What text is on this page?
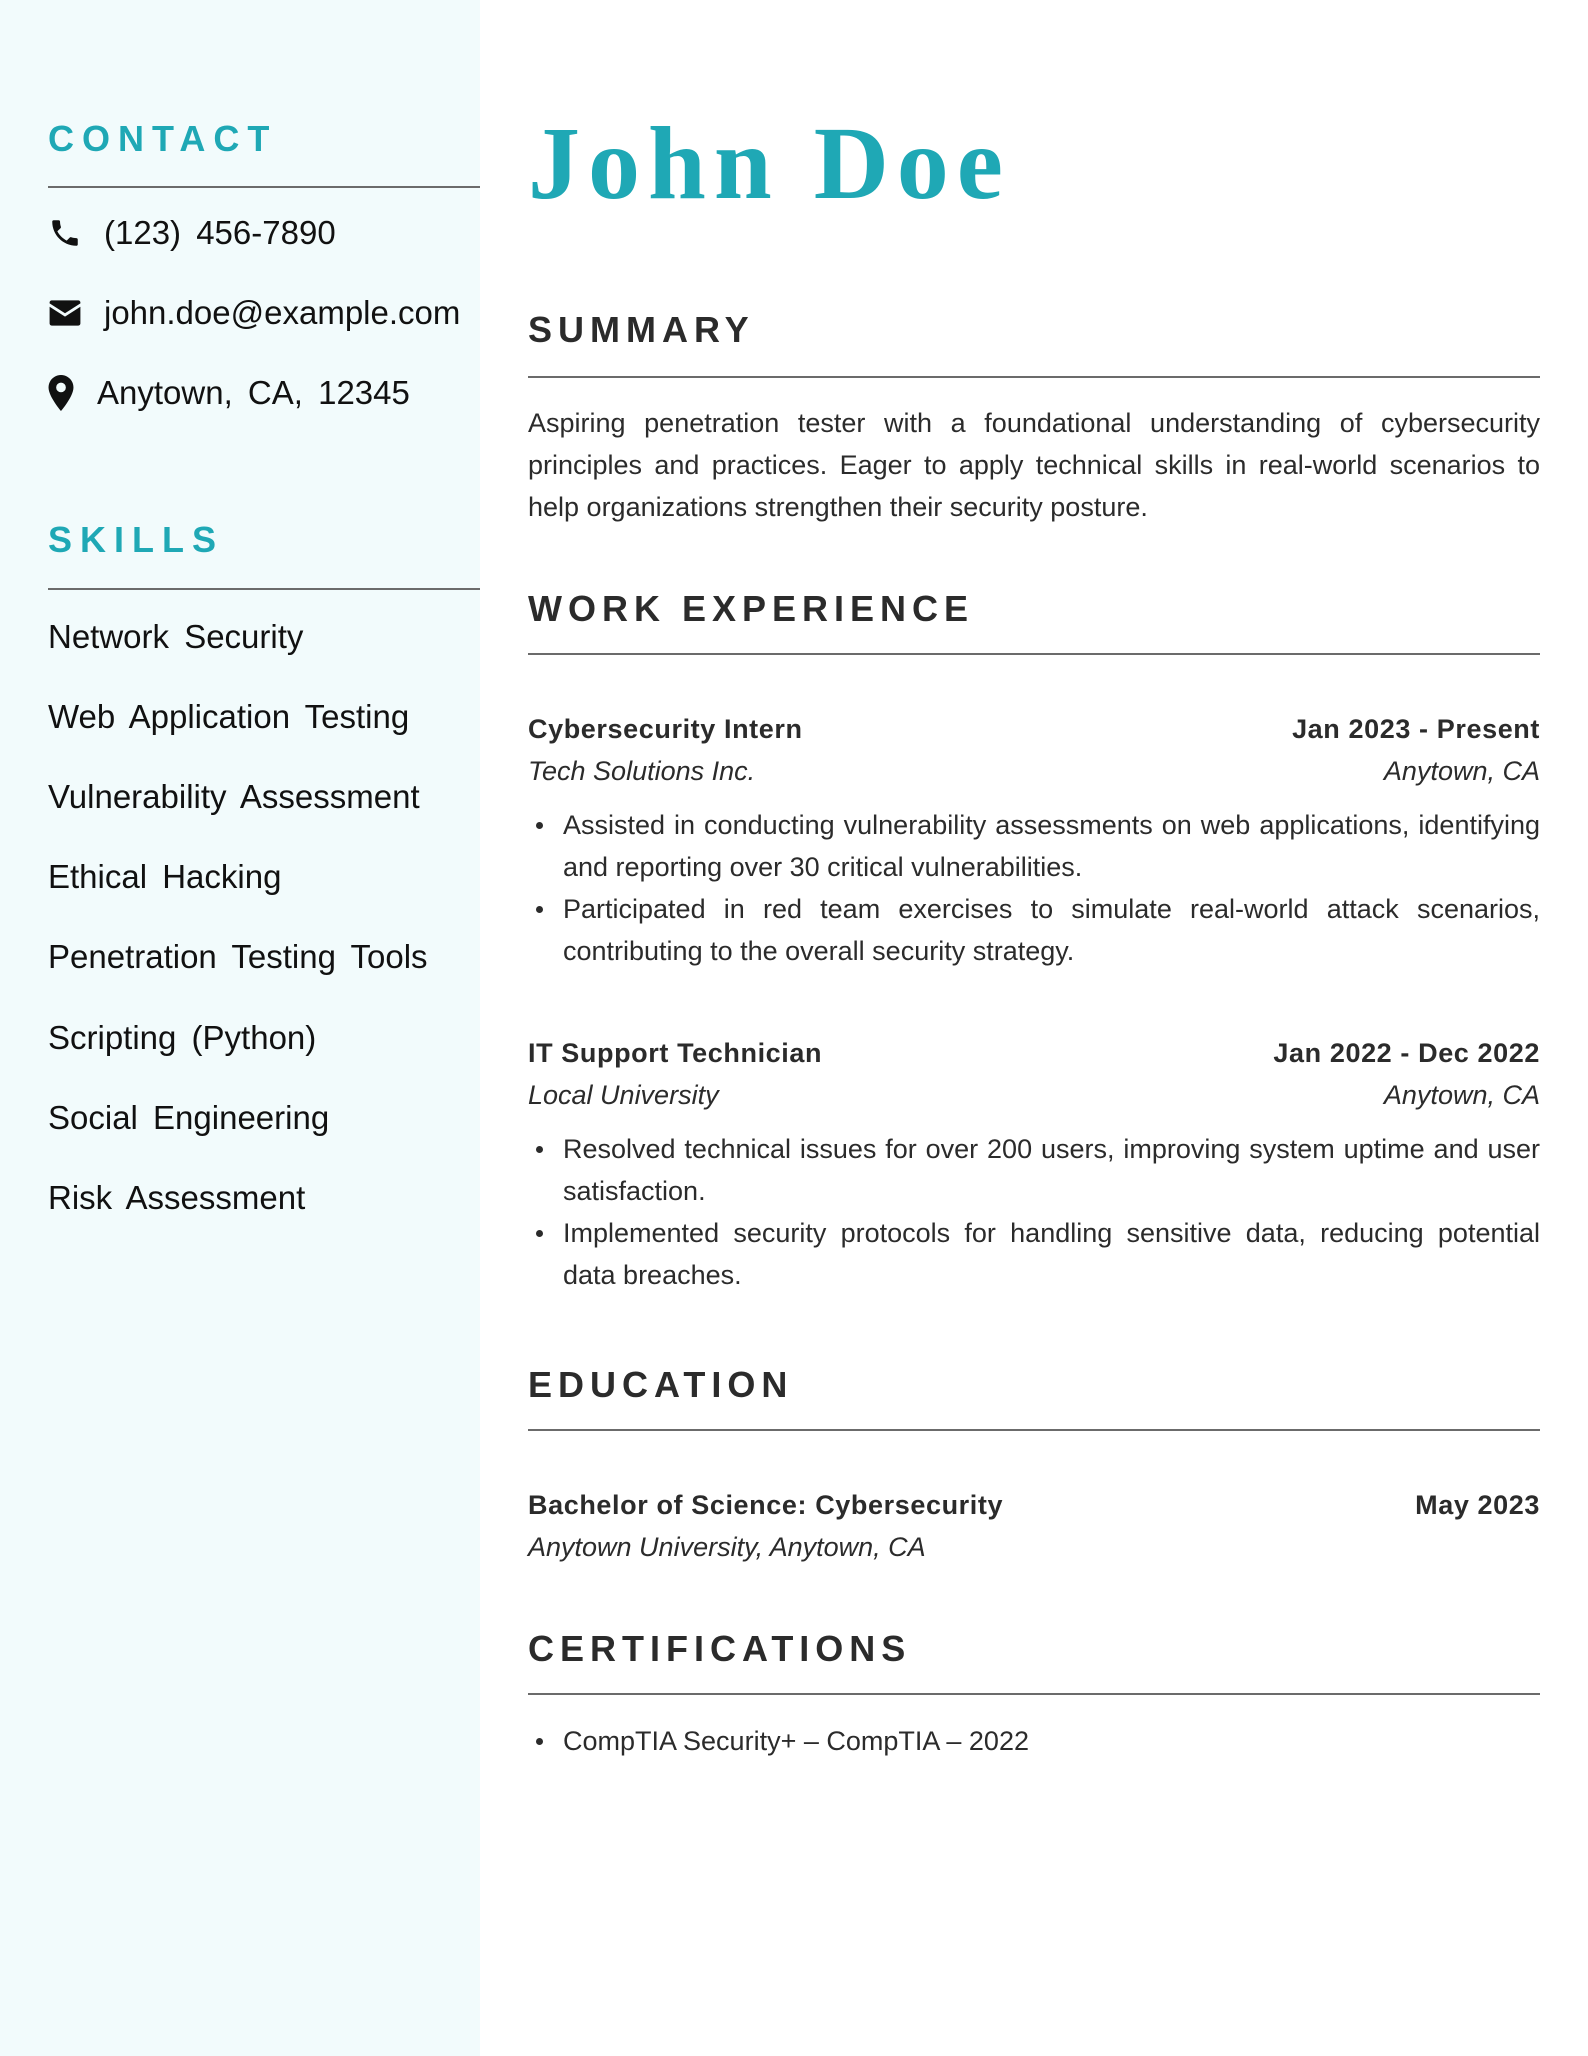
CONTACT
(123) 456-7890
john.doe@example.com
Anytown, CA, 12345
SKILLS
Network Security
Web Application Testing
Vulnerability Assessment
Ethical Hacking
Penetration Testing Tools
Scripting (Python)
Social Engineering
Risk Assessment
John Doe
SUMMARY

Aspiring penetration tester with a foundational understanding of cybersecurity principles and practices. Eager to apply technical skills in real-world scenarios to help organizations strengthen their security posture.

WORK EXPERIENCE
Cybersecurity Intern	Jan 2023 - Present
Tech Solutions Inc.	Anytown, CA
Assisted in conducting vulnerability assessments on web applications, identifying and reporting over 30 critical vulnerabilities.
Participated in red team exercises to simulate real-world attack scenarios, contributing to the overall security strategy.
IT Support Technician	Jan 2022 - Dec 2022
Local University	Anytown, CA
Resolved technical issues for over 200 users, improving system uptime and user satisfaction.
Implemented security protocols for handling sensitive data, reducing potential data breaches.
EDUCATION
Bachelor of Science: Cybersecurity	May 2023
Anytown University, Anytown, CA
CERTIFICATIONS
CompTIA Security+ – CompTIA – 2022
